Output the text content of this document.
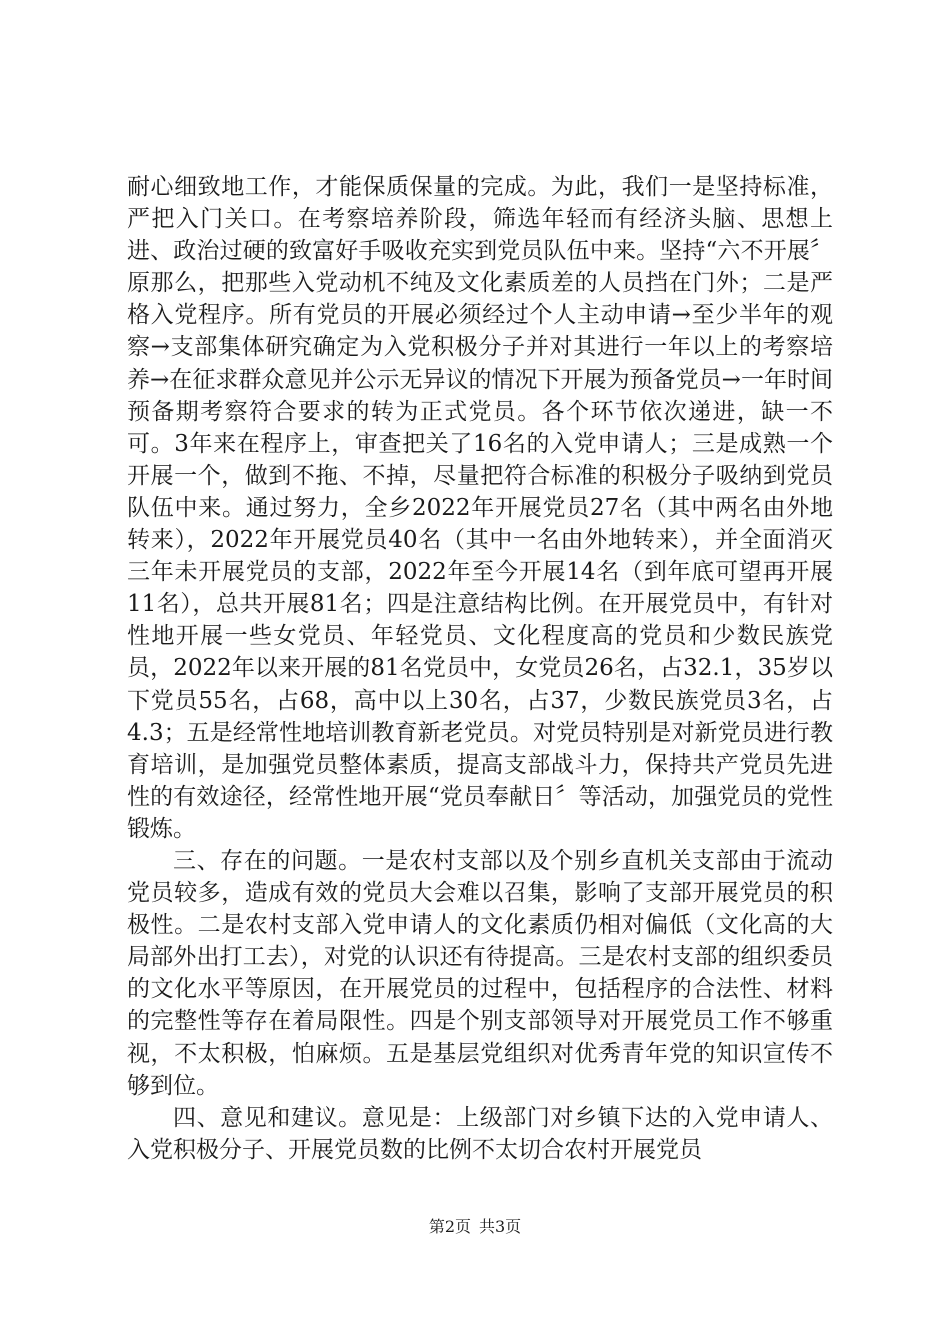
耐心细致地工作，才能保质保量的完成。为此，我们一是坚持标准，严把入门关口。在考察培养阶段，筛选年轻而有经济头脑、思想上进、政治过硬的致富好手吸收充实到党员队伍中来。坚持“六不开展〞原那么，把那些入党动机不纯及文化素质差的人员挡在门外；二是严格入党程序。所有党员的开展必须经过个人主动申请→至少半年的观察→支部集体研究确定为入党积极分子并对其进行一年以上的考察培养→在征求群众意见并公示无异议的情况下开展为预备党员→一年时间预备期考察符合要求的转为正式党员。各个环节依次递进，缺一不可。3年来在程序上，审查把关了16名的入党申请人；三是成熟一个开展一个，做到不拖、不掉，尽量把符合标准的积极分子吸纳到党员队伍中来。通过努力，全乡2022年开展党员27名（其中两名由外地转来），2022年开展党员40名（其中一名由外地转来），并全面消灭三年未开展党员的支部，2022年至今开展14名（到年底可望再开展11名），总共开展81名；四是注意结构比例。在开展党员中，有针对性地开展一些女党员、年轻党员、文化程度高的党员和少数民族党员，2022年以来开展的81名党员中，女党员26名，占32.1，35岁以下党员55名，占68，高中以上30名，占37，少数民族党员3名，占4.3；五是经常性地培训教育新老党员。对党员特别是对新党员进行教育培训，是加强党员整体素质，提高支部战斗力，保持共产党员先进性的有效途径，经常性地开展“党员奉献日〞等活动，加强党员的党性锻炼。

三、存在的问题。一是农村支部以及个别乡直机关支部由于流动党员较多，造成有效的党员大会难以召集，影响了支部开展党员的积极性。二是农村支部入党申请人的文化素质仍相对偏低（文化高的大局部外出打工去），对党的认识还有待提高。三是农村支部的组织委员的文化水平等原因，在开展党员的过程中，包括程序的合法性、材料的完整性等存在着局限性。四是个别支部领导对开展党员工作不够重视，不太积极，怕麻烦。五是基层党组织对优秀青年党的知识宣传不够到位。

四、意见和建议。意见是：上级部门对乡镇下达的入党申请人、入党积极分子、开展党员数的比例不太切合农村开展党员

第2页 共3页
